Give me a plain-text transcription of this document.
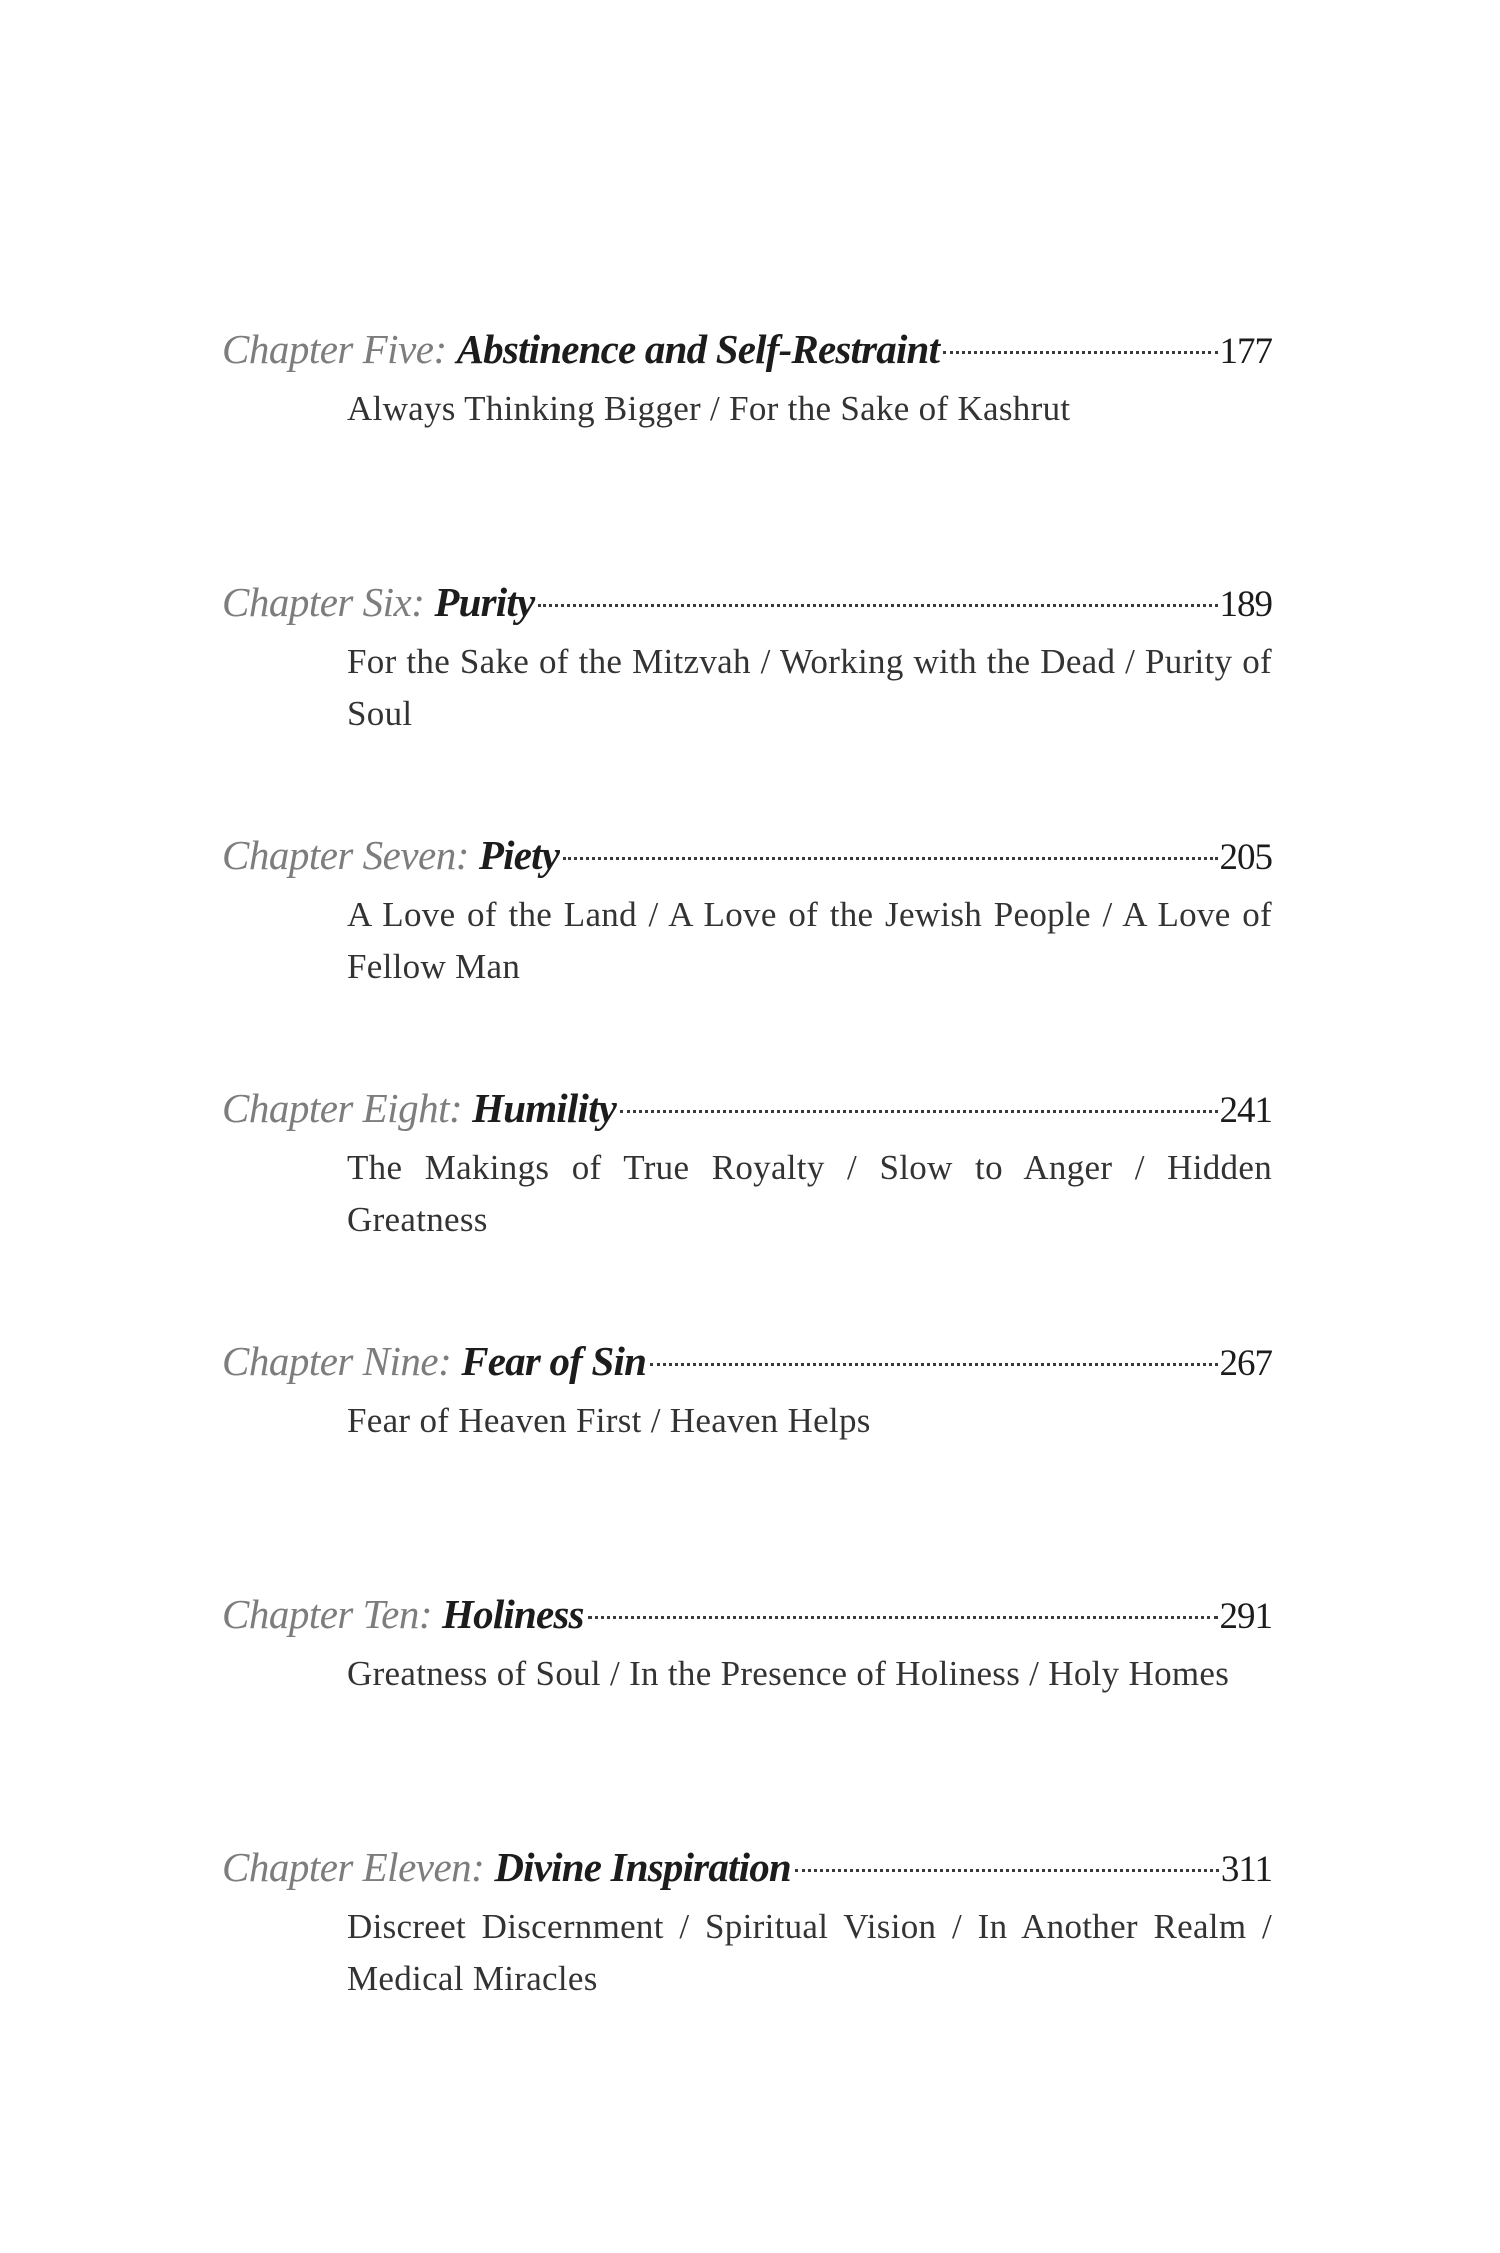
Chapter Five: Abstinence and Self-Restraint	177
Always Thinking Bigger / For the Sake of Kashrut
Chapter Six: Purity	189
For the Sake of the Mitzvah / Working with the Dead / Purity of Soul
Chapter Seven: Piety	205
A Love of the Land / A Love of the Jewish People / A Love of Fellow Man
Chapter Eight: Humility	241
The Makings of True Royalty / Slow to Anger / Hidden Greatness
Chapter Nine: Fear of Sin	267
Fear of Heaven First / Heaven Helps
Chapter Ten: Holiness	291
Greatness of Soul / In the Presence of Holiness / Holy Homes
Chapter Eleven: Divine Inspiration	311
Discreet Discernment / Spiritual Vision / In Another Realm / Medical Miracles
